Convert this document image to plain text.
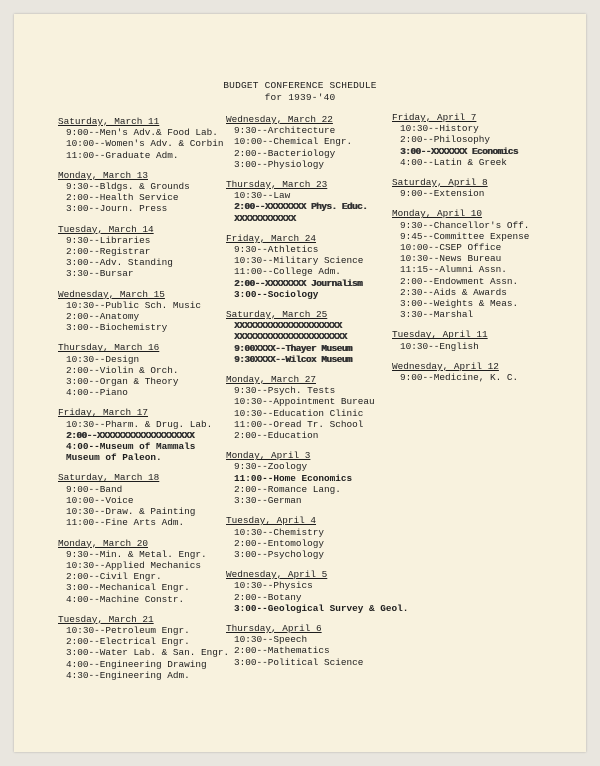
BUDGET CONFERENCE SCHEDULE
for 1939-'40
Saturday, March 11
9:00--Men's Adv.& Food Lab.
10:00--Women's Adv. & Corbin
11:00--Graduate Adm.
Monday, March 13
9:30--Bldgs. & Grounds
2:00--Health Service
3:00--Journ. Press
Tuesday, March 14
9:30--Libraries
2:00--Registrar
3:00--Adv. Standing
3:30--Bursar
Wednesday, March 15
10:30--Public Sch. Music
2:00--Anatomy
3:00--Biochemistry
Thursday, March 16
10:30--Design
2:00--Violin & Orch.
3:00--Organ & Theory
4:00--Piano
Friday, March 17
10:30--Pharm. & Drug. Lab.
2:00--XXXXXXXXXXXXXXXXXXX
4:00--Museum of Mammals
Museum of Paleon.
Saturday, March 18
9:00--Band
10:00--Voice
10:30--Draw. & Painting
11:00--Fine Arts Adm.
Monday, March 20
9:30--Min. & Metal. Engr.
10:30--Applied Mechanics
2:00--Civil Engr.
3:00--Mechanical Engr.
4:00--Machine Constr.
Tuesday, March 21
10:30--Petroleum Engr.
2:00--Electrical Engr.
3:00--Water Lab. & San. Engr.
4:00--Engineering Drawing
4:30--Engineering Adm.
Wednesday, March 22
9:30--Architecture
10:00--Chemical Engr.
2:00--Bacteriology
3:00--Physiology
Thursday, March 23
10:30--Law
2:00--XXXXXXXX Phys. Educ.
XXXXXXXXXXXX
Friday, March 24
9:30--Athletics
10:30--Military Science
11:00--College Adm.
2:00--XXXXXXXX Journalism
3:00--Sociology
Saturday, March 25
XXXXXXXXXXXXXXXXXXXXX
XXXXXXXXXXXXXXXXXXXXXX
9:00XXXX--Thayer Museum
9:30XXXX--Wilcox Museum
Monday, March 27
9:30--Psych. Tests
10:30--Appointment Bureau
10:30--Education Clinic
11:00--Oread Tr. School
2:00--Education
Monday, April 3
9:30--Zoology
11:00--Home Economics
2:00--Romance Lang.
3:30--German
Tuesday, April 4
10:30--Chemistry
2:00--Entomology
3:00--Psychology
Wednesday, April 5
10:30--Physics
2:00--Botany
3:00--Geological Survey & Geol.
Thursday, April 6
10:30--Speech
2:00--Mathematics
3:00--Political Science
Friday, April 7
10:30--History
2:00--Philosophy
3:00--XXXXXXX Economics
4:00--Latin & Greek
Saturday, April 8
9:00--Extension
Monday, April 10
9:30--Chancellor's Off.
9:45--Committee Expense
10:00--CSEP Office
10:30--News Bureau
11:15--Alumni Assn.
2:00--Endowment Assn.
2:30--Aids & Awards
3:00--Weights & Meas.
3:30--Marshal
Tuesday, April 11
10:30--English
Wednesday, April 12
9:00--Medicine, K. C.
